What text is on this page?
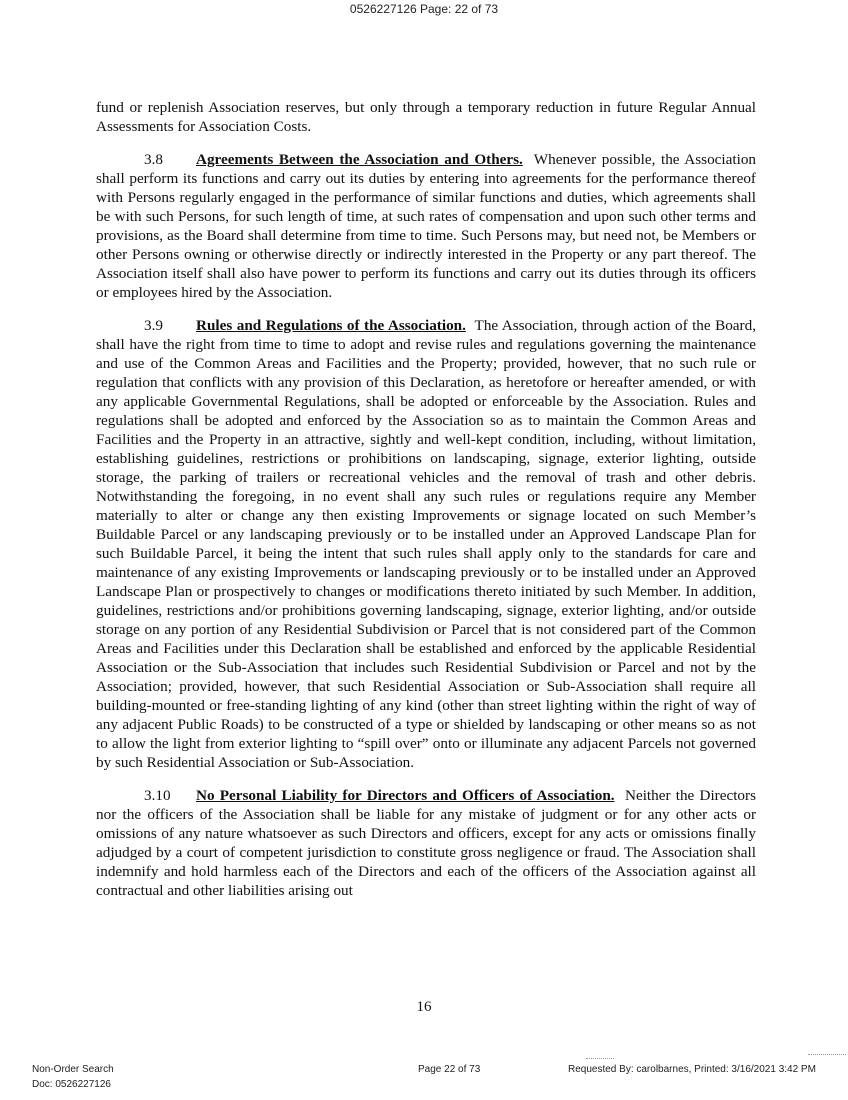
0526227126 Page: 22 of 73

fund or replenish Association reserves, but only through a temporary reduction in future Regular Annual Assessments for Association Costs.

3.8 Agreements Between the Association and Others. Whenever possible, the Association shall perform its functions and carry out its duties by entering into agreements for the performance thereof with Persons regularly engaged in the performance of similar functions and duties, which agreements shall be with such Persons, for such length of time, at such rates of compensation and upon such other terms and provisions, as the Board shall determine from time to time. Such Persons may, but need not, be Members or other Persons owning or otherwise directly or indirectly interested in the Property or any part thereof. The Association itself shall also have power to perform its functions and carry out its duties through its officers or employees hired by the Association.

3.9 Rules and Regulations of the Association. The Association, through action of the Board, shall have the right from time to time to adopt and revise rules and regulations governing the maintenance and use of the Common Areas and Facilities and the Property; provided, however, that no such rule or regulation that conflicts with any provision of this Declaration, as heretofore or hereafter amended, or with any applicable Governmental Regulations, shall be adopted or enforceable by the Association. Rules and regulations shall be adopted and enforced by the Association so as to maintain the Common Areas and Facilities and the Property in an attractive, sightly and well-kept condition, including, without limitation, establishing guidelines, restrictions or prohibitions on landscaping, signage, exterior lighting, outside storage, the parking of trailers or recreational vehicles and the removal of trash and other debris. Notwithstanding the foregoing, in no event shall any such rules or regulations require any Member materially to alter or change any then existing Improvements or signage located on such Member’s Buildable Parcel or any landscaping previously or to be installed under an Approved Landscape Plan for such Buildable Parcel, it being the intent that such rules shall apply only to the standards for care and maintenance of any existing Improvements or landscaping previously or to be installed under an Approved Landscape Plan or prospectively to changes or modifications thereto initiated by such Member. In addition, guidelines, restrictions and/or prohibitions governing landscaping, signage, exterior lighting, and/or outside storage on any portion of any Residential Subdivision or Parcel that is not considered part of the Common Areas and Facilities under this Declaration shall be established and enforced by the applicable Residential Association or the Sub-Association that includes such Residential Subdivision or Parcel and not by the Association; provided, however, that such Residential Association or Sub-Association shall require all building-mounted or free-standing lighting of any kind (other than street lighting within the right of way of any adjacent Public Roads) to be constructed of a type or shielded by landscaping or other means so as not to allow the light from exterior lighting to “spill over” onto or illuminate any adjacent Parcels not governed by such Residential Association or Sub-Association.

3.10 No Personal Liability for Directors and Officers of Association. Neither the Directors nor the officers of the Association shall be liable for any mistake of judgment or for any other acts or omissions of any nature whatsoever as such Directors and officers, except for any acts or omissions finally adjudged by a court of competent jurisdiction to constitute gross negligence or fraud. The Association shall indemnify and hold harmless each of the Directors and each of the officers of the Association against all contractual and other liabilities arising out

16
Non-Order Search
Doc: 0526227126
Page 22 of 73	Requested By: carolbarnes, Printed: 3/16/2021 3:42 PM
